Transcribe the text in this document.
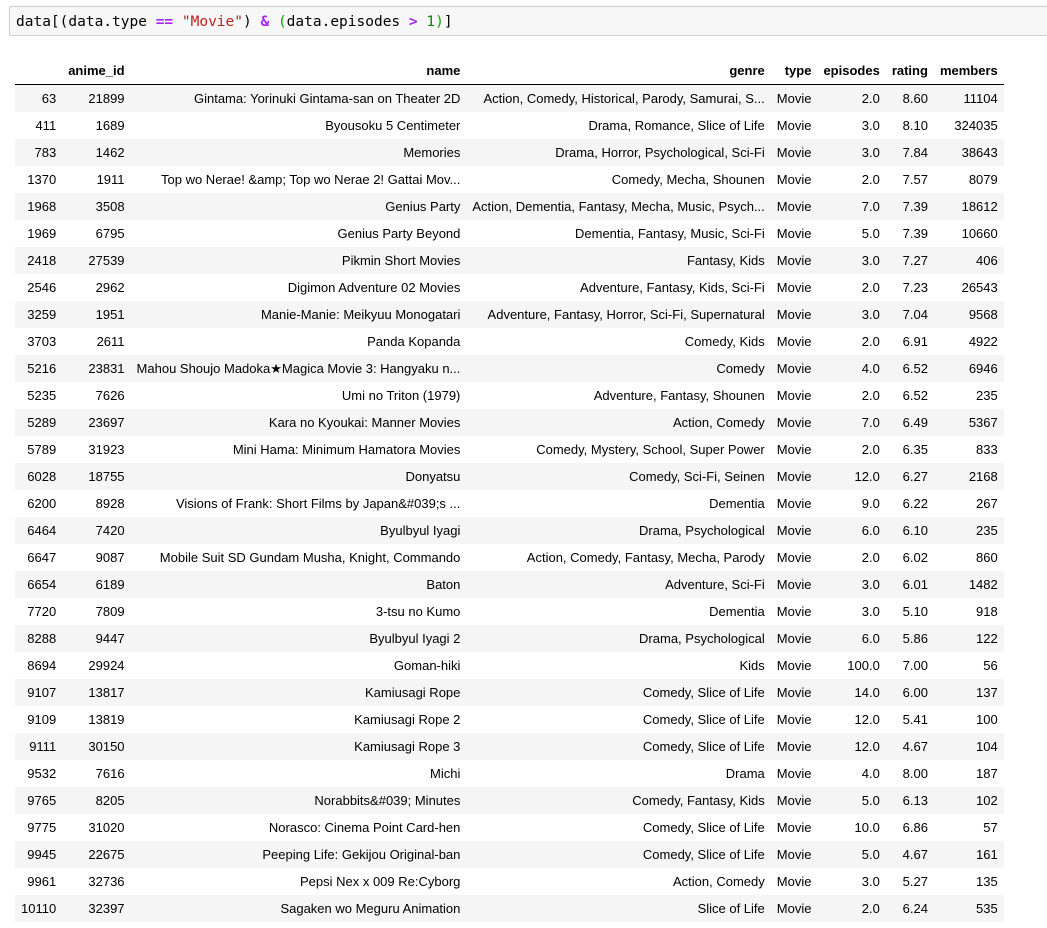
data[(data.type == "Movie") & (data.episodes > 1)]
	anime_id	name	genre	type	episodes	rating	members
63	21899	Gintama: Yorinuki Gintama-san on Theater 2D	Action, Comedy, Historical, Parody, Samurai, S...	Movie	2.0	8.60	11104
411	1689	Byousoku 5 Centimeter	Drama, Romance, Slice of Life	Movie	3.0	8.10	324035
783	1462	Memories	Drama, Horror, Psychological, Sci-Fi	Movie	3.0	7.84	38643
1370	1911	Top wo Nerae! &amp; Top wo Nerae 2! Gattai Mov...	Comedy, Mecha, Shounen	Movie	2.0	7.57	8079
1968	3508	Genius Party	Action, Dementia, Fantasy, Mecha, Music, Psych...	Movie	7.0	7.39	18612
1969	6795	Genius Party Beyond	Dementia, Fantasy, Music, Sci-Fi	Movie	5.0	7.39	10660
2418	27539	Pikmin Short Movies	Fantasy, Kids	Movie	3.0	7.27	406
2546	2962	Digimon Adventure 02 Movies	Adventure, Fantasy, Kids, Sci-Fi	Movie	2.0	7.23	26543
3259	1951	Manie-Manie: Meikyuu Monogatari	Adventure, Fantasy, Horror, Sci-Fi, Supernatural	Movie	3.0	7.04	9568
3703	2611	Panda Kopanda	Comedy, Kids	Movie	2.0	6.91	4922
5216	23831	Mahou Shoujo Madoka★Magica Movie 3: Hangyaku n...	Comedy	Movie	4.0	6.52	6946
5235	7626	Umi no Triton (1979)	Adventure, Fantasy, Shounen	Movie	2.0	6.52	235
5289	23697	Kara no Kyoukai: Manner Movies	Action, Comedy	Movie	7.0	6.49	5367
5789	31923	Mini Hama: Minimum Hamatora Movies	Comedy, Mystery, School, Super Power	Movie	2.0	6.35	833
6028	18755	Donyatsu	Comedy, Sci-Fi, Seinen	Movie	12.0	6.27	2168
6200	8928	Visions of Frank: Short Films by Japan&#039;s ...	Dementia	Movie	9.0	6.22	267
6464	7420	Byulbyul Iyagi	Drama, Psychological	Movie	6.0	6.10	235
6647	9087	Mobile Suit SD Gundam Musha, Knight, Commando	Action, Comedy, Fantasy, Mecha, Parody	Movie	2.0	6.02	860
6654	6189	Baton	Adventure, Sci-Fi	Movie	3.0	6.01	1482
7720	7809	3-tsu no Kumo	Dementia	Movie	3.0	5.10	918
8288	9447	Byulbyul Iyagi 2	Drama, Psychological	Movie	6.0	5.86	122
8694	29924	Goman-hiki	Kids	Movie	100.0	7.00	56
9107	13817	Kamiusagi Rope	Comedy, Slice of Life	Movie	14.0	6.00	137
9109	13819	Kamiusagi Rope 2	Comedy, Slice of Life	Movie	12.0	5.41	100
9111	30150	Kamiusagi Rope 3	Comedy, Slice of Life	Movie	12.0	4.67	104
9532	7616	Michi	Drama	Movie	4.0	8.00	187
9765	8205	Norabbits&#039; Minutes	Comedy, Fantasy, Kids	Movie	5.0	6.13	102
9775	31020	Norasco: Cinema Point Card-hen	Comedy, Slice of Life	Movie	10.0	6.86	57
9945	22675	Peeping Life: Gekijou Original-ban	Comedy, Slice of Life	Movie	5.0	4.67	161
9961	32736	Pepsi Nex x 009 Re:Cyborg	Action, Comedy	Movie	3.0	5.27	135
10110	32397	Sagaken wo Meguru Animation	Slice of Life	Movie	2.0	6.24	535
